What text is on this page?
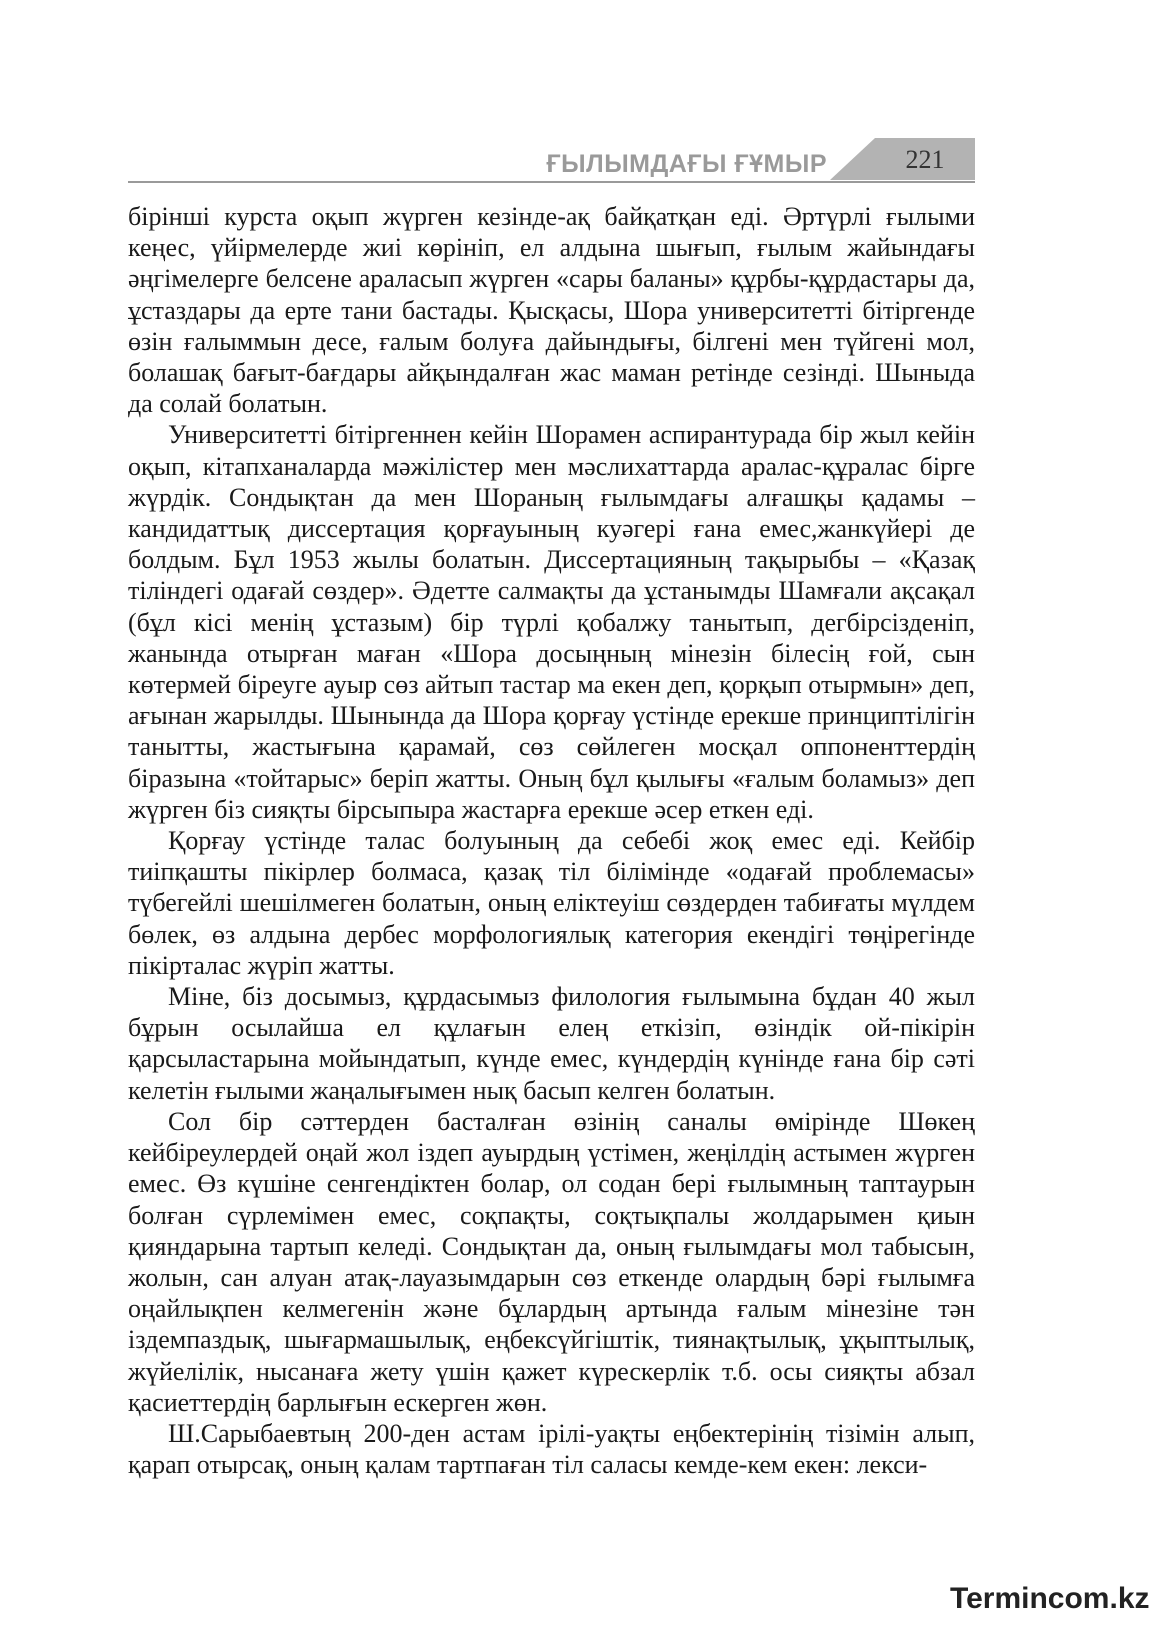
ҒЫЛЫМДАҒЫ ҒҰМЫР	221

бірінші курста оқып жүрген кезінде-ақ байқатқан еді. Әртүрлі ғылыми кеңес, үйірмелерде жиі көрініп, ел алдына шығып, ғылым жайындағы әңгімелерге белсене араласып жүрген «сары баланы» құрбы-құрдастары да, ұстаздары да ерте тани бастады. Қысқасы, Шора университетті бітіргенде өзін ғалыммын десе, ғалым болуға дайындығы, білгені мен түйгені мол, болашақ бағыт-бағдары айқындалған жас маман ретінде сезінді. Шыныда да солай болатын.

Университетті бітіргеннен кейін Шорамен аспирантурада бір жыл кейін оқып, кітапханаларда мәжілістер мен мәслихаттарда аралас-құралас бірге жүрдік. Сондықтан да мен Шораның ғылымдағы алғашқы қадамы – кандидаттық диссертация қорғауының куәгері ғана емес,жанкүйері де болдым. Бұл 1953 жылы болатын. Диссертацияның тақырыбы – «Қазақ тіліндегі одағай сөздер». Әдетте салмақты да ұстанымды Шамғали ақсақал (бұл кісі менің ұстазым) бір түрлі қобалжу танытып, дегбірсізденіп, жанында отырған маған «Шора досыңның мінезін білесің ғой, сын көтермей біреуге ауыр сөз айтып тастар ма екен деп, қорқып отырмын» деп, ағынан жарылды. Шынында да Шора қорғау үстінде ерекше принциптілігін танытты, жастығына қарамай, сөз сөйлеген мосқал оппоненттердің біразына «тойтарыс» беріп жатты. Оның бұл қылығы «ғалым боламыз» деп жүрген біз сияқты бірсыпыра жастарға ерекше әсер еткен еді.

Қорғау үстінде талас болуының да себебі жоқ емес еді. Кейбір тиіпқашты пікірлер болмаса, қазақ тіл білімінде «одағай проблемасы» түбегейлі шешілмеген болатын, оның еліктеуіш сөздерден табиғаты мүлдем бөлек, өз алдына дербес морфологиялық категория екендігі төңірегінде пікірталас жүріп жатты.

Міне, біз досымыз, құрдасымыз филология ғылымына бұдан 40 жыл бұрын осылайша ел құлағын елең еткізіп, өзіндік ой-пікірін қарсыластарына мойындатып, күнде емес, күндердің күнінде ғана бір сәті келетін ғылыми жаңалығымен нық басып келген болатын.

Сол бір сәттерден басталған өзінің саналы өмірінде Шөкең кейбіреулердей оңай жол іздеп ауырдың үстімен, жеңілдің астымен жүрген емес. Өз күшіне сенгендіктен болар, ол содан бері ғылымның таптаурын болған сүрлемімен емес, соқпақты, соқтықпалы жолдарымен қиын қияндарына тартып келеді. Сондықтан да, оның ғылымдағы мол табысын, жолын, сан алуан атақ-лауазымдарын сөз еткенде олардың бәрі ғылымға оңайлықпен келмегенін және бұлардың артында ғалым мінезіне тән іздемпаздық, шығармашылық, еңбексүйгіштік, тиянақтылық, ұқыптылық, жүйелілік, нысанаға жету үшін қажет күрескерлік т.б. осы сияқты абзал қасиеттердің барлығын ескерген жөн.

Ш.Сарыбаевтың 200-ден астам ірілі-уақты еңбектерінің тізімін алып, қарап отырсақ, оның қалам тартпаған тіл саласы кемде-кем екен: лекси-

Termincom.kz
